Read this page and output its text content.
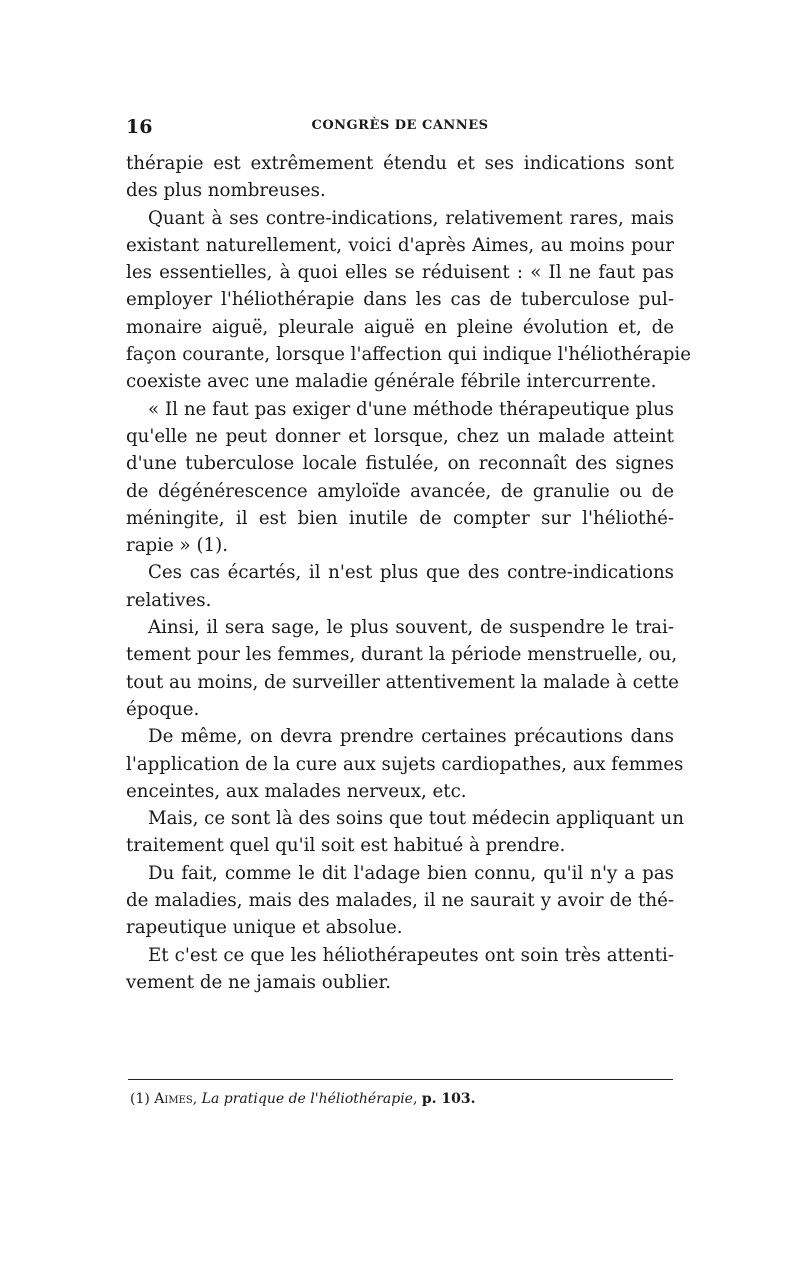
16	CONGRÈS DE CANNES
thérapie est extrêmement étendu et ses indications sont
des plus nombreuses.
Quant à ses contre-indications, relativement rares, mais
existant naturellement, voici d'après Aimes, au moins pour
les essentielles, à quoi elles se réduisent : « Il ne faut pas
employer l'héliothérapie dans les cas de tuberculose pul-
monaire aiguë, pleurale aiguë en pleine évolution et, de
façon courante, lorsque l'affection qui indique l'héliothérapie
coexiste avec une maladie générale fébrile intercurrente.
« Il ne faut pas exiger d'une méthode thérapeutique plus
qu'elle ne peut donner et lorsque, chez un malade atteint
d'une tuberculose locale fistulée, on reconnaît des signes
de dégénérescence amyloïde avancée, de granulie ou de
méningite, il est bien inutile de compter sur l'héliothé-
rapie » (1).
Ces cas écartés, il n'est plus que des contre-indications
relatives.
Ainsi, il sera sage, le plus souvent, de suspendre le trai-
tement pour les femmes, durant la période menstruelle, ou,
tout au moins, de surveiller attentivement la malade à cette
époque.
De même, on devra prendre certaines précautions dans
l'application de la cure aux sujets cardiopathes, aux femmes
enceintes, aux malades nerveux, etc.
Mais, ce sont là des soins que tout médecin appliquant un
traitement quel qu'il soit est habitué à prendre.
Du fait, comme le dit l'adage bien connu, qu'il n'y a pas
de maladies, mais des malades, il ne saurait y avoir de thé-
rapeutique unique et absolue.
Et c'est ce que les héliothérapeutes ont soin très attenti-
vement de ne jamais oublier.
(1) Aimes, La pratique de l'héliothérapie, p. 103.
